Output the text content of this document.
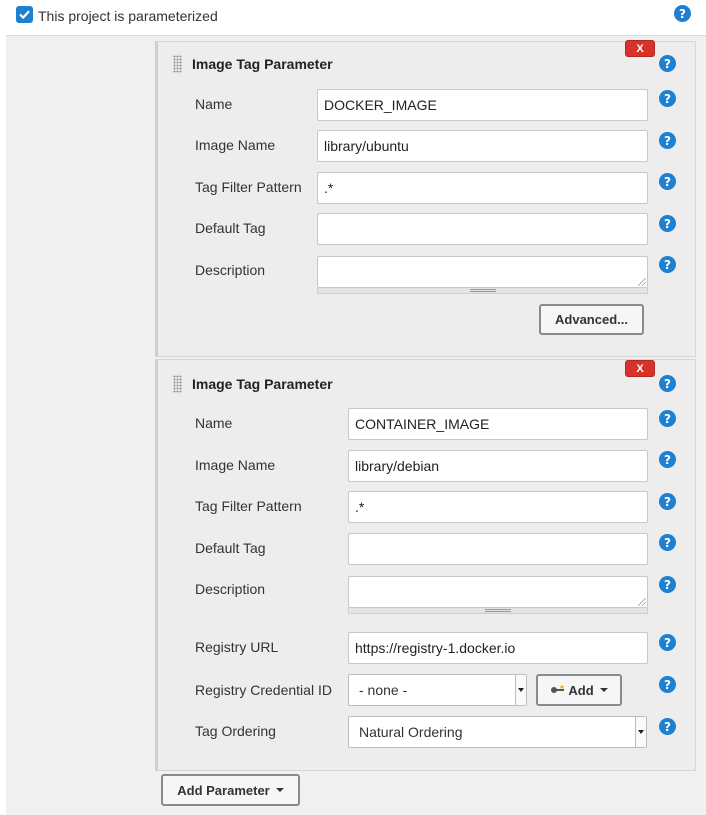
This project is parameterized	?
Image Tag Parameter
X
?
Name	DOCKER_IMAGE	?
Image Name	library/ubuntu	?
Tag Filter Pattern	.*	?
Default Tag	?
Description	?
Advanced...
Image Tag Parameter
X
?
Name	CONTAINER_IMAGE	?
Image Name	library/debian	?
Tag Filter Pattern	.*	?
Default Tag	?
Description	?
Registry URL	https://registry-1.docker.io	?
Registry Credential ID - none -	Add	?
Tag Ordering	Natural Ordering	?
Add Parameter
